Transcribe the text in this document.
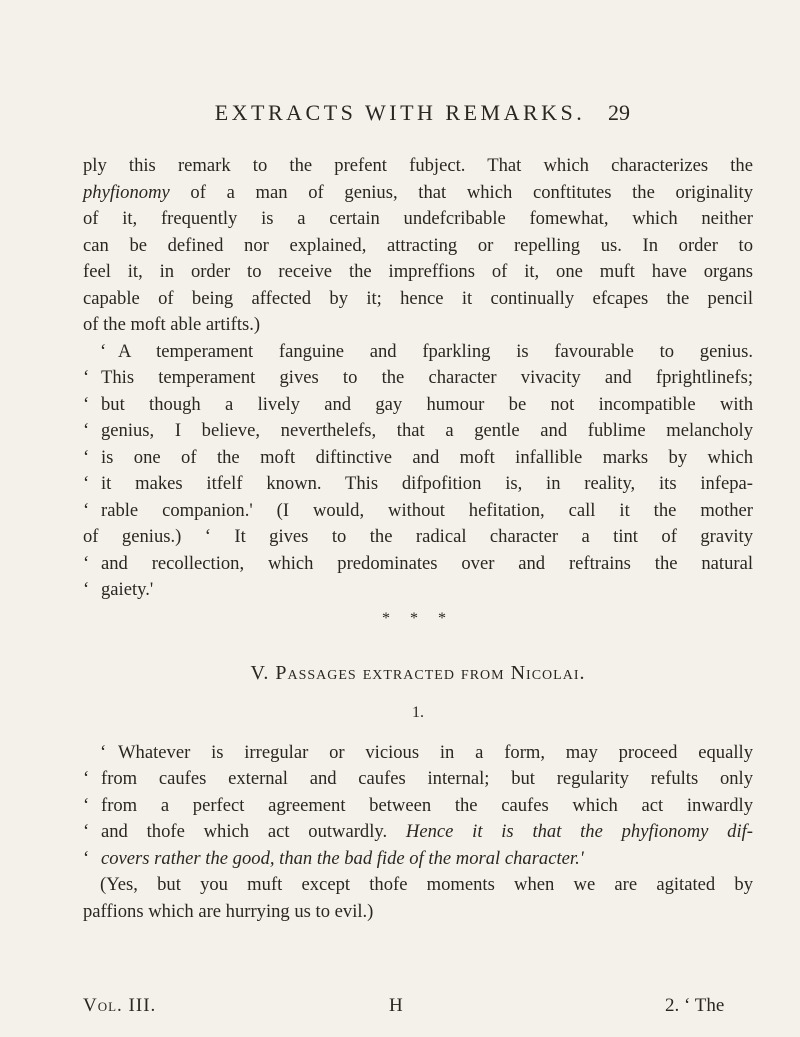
EXTRACTS WITH REMARKS.	29
ply this remark to the prefent fubject. That which characterizes the
phyfionomy of a man of genius, that which conftitutes the originality
of it, frequently is a certain undefcribable fomewhat, which neither
can be defined nor explained, attracting or repelling us. In order to
feel it, in order to receive the impreffions of it, one muft have organs
capable of being affected by it; hence it continually efcapes the pencil
of the moft able artifts.)
‘ A temperament fanguine and fparkling is favourable to genius.
‘ This temperament gives to the character vivacity and fprightlinefs;
‘ but though a lively and gay humour be not incompatible with
‘ genius, I believe, neverthelefs, that a gentle and fublime melancholy
‘ is one of the moft diftinctive and moft infallible marks by which
‘ it makes itfelf known. This difpofition is, in reality, its infepa-
‘ rable companion.' (I would, without hefitation, call it the mother
of genius.) ‘ It gives to the radical character a tint of gravity
‘ and recollection, which predominates over and reftrains the natural
‘ gaiety.'
* * *
V. Passages extracted from Nicolai.
1.
‘ Whatever is irregular or vicious in a form, may proceed equally
‘ from caufes external and caufes internal; but regularity refults only
‘ from a perfect agreement between the caufes which act inwardly
‘ and thofe which act outwardly. Hence it is that the phyfionomy dif-
‘ covers rather the good, than the bad fide of the moral character.'
(Yes, but you muft except thofe moments when we are agitated by
paffions which are hurrying us to evil.)
Vol. III.	H	2. ‘ The
